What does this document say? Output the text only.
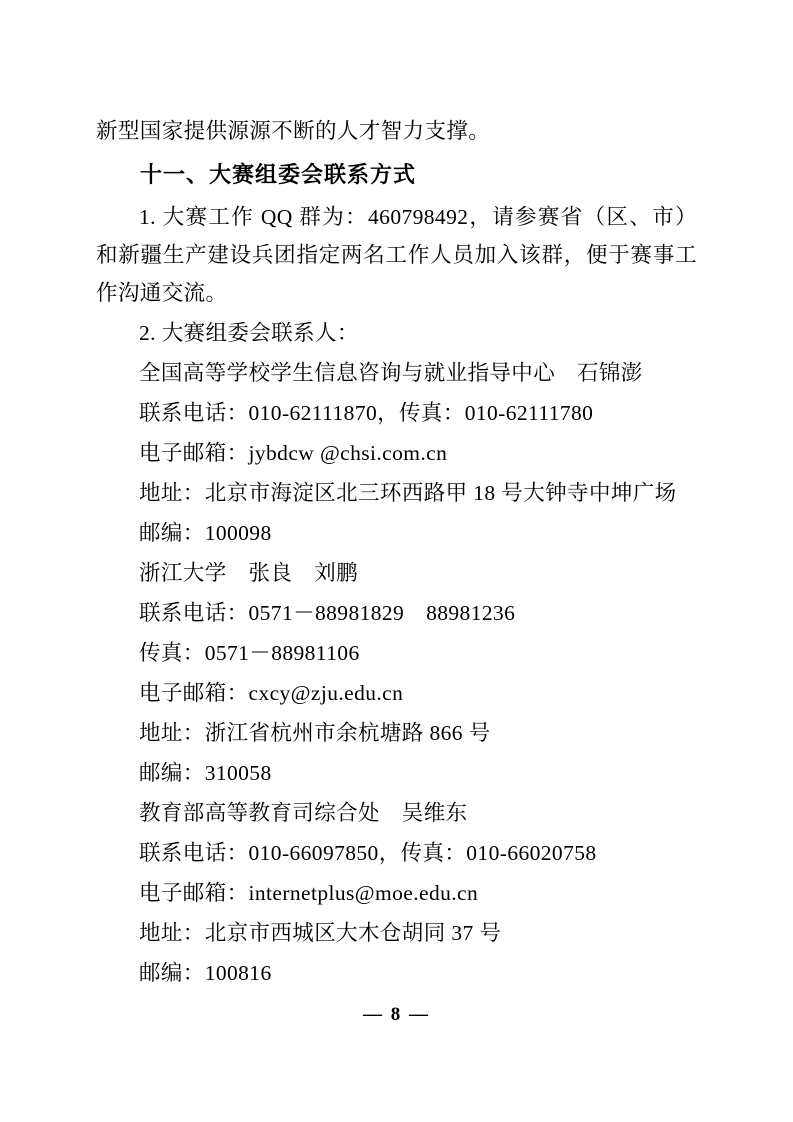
新型国家提供源源不断的人才智力支撑。

十一、大赛组委会联系方式

1. 大赛工作 QQ 群为：460798492，请参赛省（区、市）和新疆生产建设兵团指定两名工作人员加入该群，便于赛事工作沟通交流。

2. 大赛组委会联系人：

全国高等学校学生信息咨询与就业指导中心　石锦澎

联系电话：010-62111870，传真：010-62111780

电子邮箱：jybdcw @chsi.com.cn

地址：北京市海淀区北三环西路甲 18 号大钟寺中坤广场

邮编：100098

浙江大学　张良　刘鹏

联系电话：0571－88981829　88981236

传真：0571－88981106

电子邮箱：cxcy@zju.edu.cn

地址：浙江省杭州市余杭塘路 866 号

邮编：310058

教育部高等教育司综合处　吴维东

联系电话：010-66097850，传真：010-66020758

电子邮箱：internetplus@moe.edu.cn

地址：北京市西城区大木仓胡同 37 号

邮编：100816

— 8 —
